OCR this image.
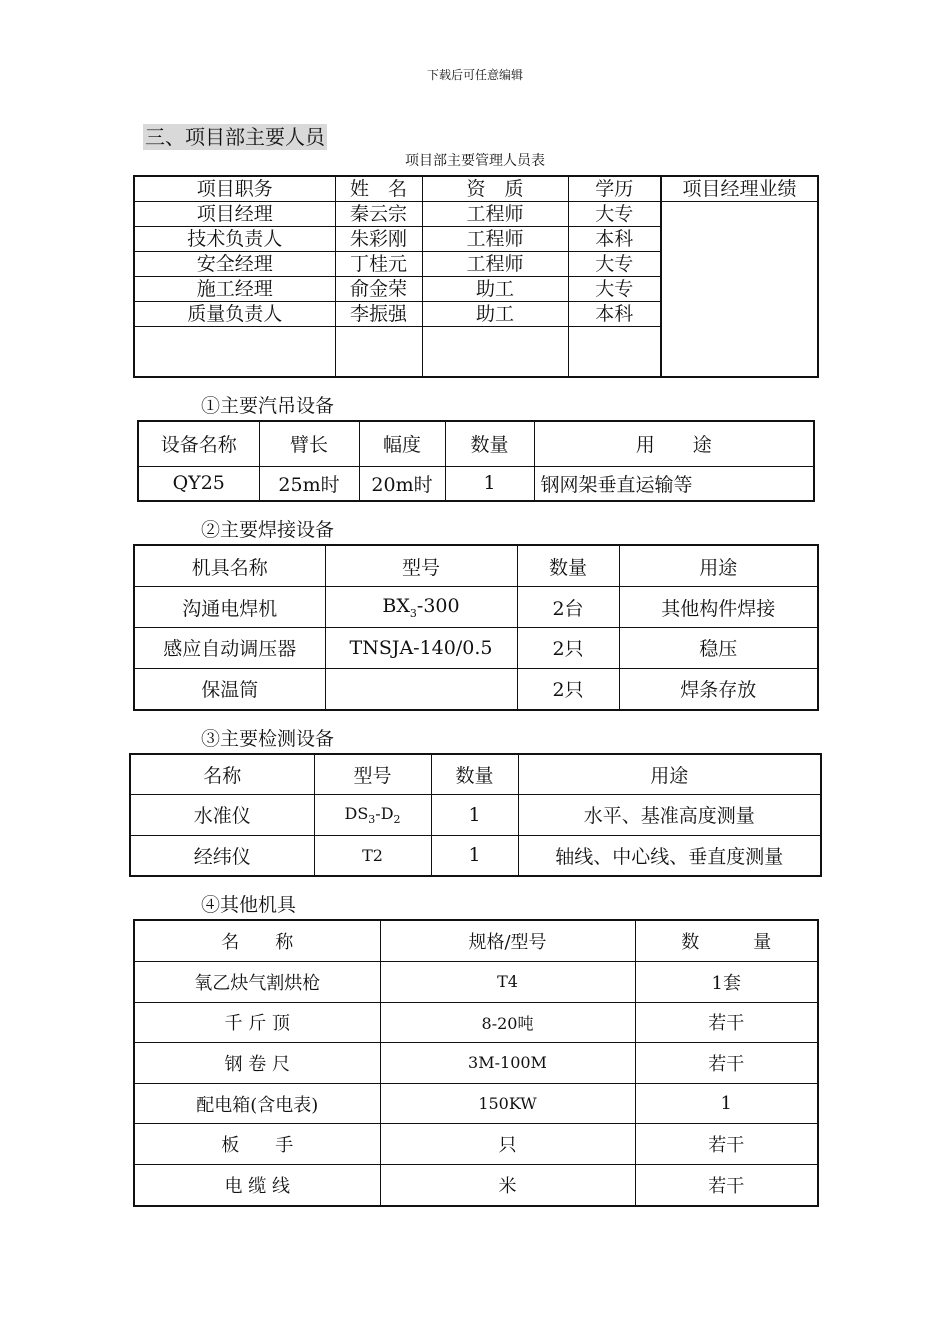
下载后可任意编辑
三、项目部主要人员
项目部主要管理人员表
项目职务	姓　名	资　质	学历	项目经理业绩
项目经理	秦云宗	工程师	大专	
技术负责人	朱彩刚	工程师	本科	
安全经理	丁桂元	工程师	大专	
施工经理	俞金荣	助工	大专	
质量负责人	李振强	助工	本科	

①主要汽吊设备
设备名称	臂长	幅度	数量	用　　途
QY25	25m时	20m时	1	钢网架垂直运输等
②主要焊接设备
机具名称	型号	数量	用途
沟通电焊机	$BX_3-300$	2台	其他构件焊接
感应自动调压器	TNSJA-140/0.5	2只	稳压
保温筒		2只	焊条存放
③主要检测设备
名称	型号	数量	用途
水准仪	$DS_3-D_2$	1	水平、基准高度测量
经纬仪	T2	1	轴线、中心线、垂直度测量
④其他机具
名　　称	规格/型号	数　　　量
氧乙炔气割烘枪	T4	1套
千 斤 顶	8-20吨	若干
钢 卷 尺	3M-100M	若干
配电箱(含电表)	150KW	1
板　　手	只	若干
电 缆 线	米	若干
